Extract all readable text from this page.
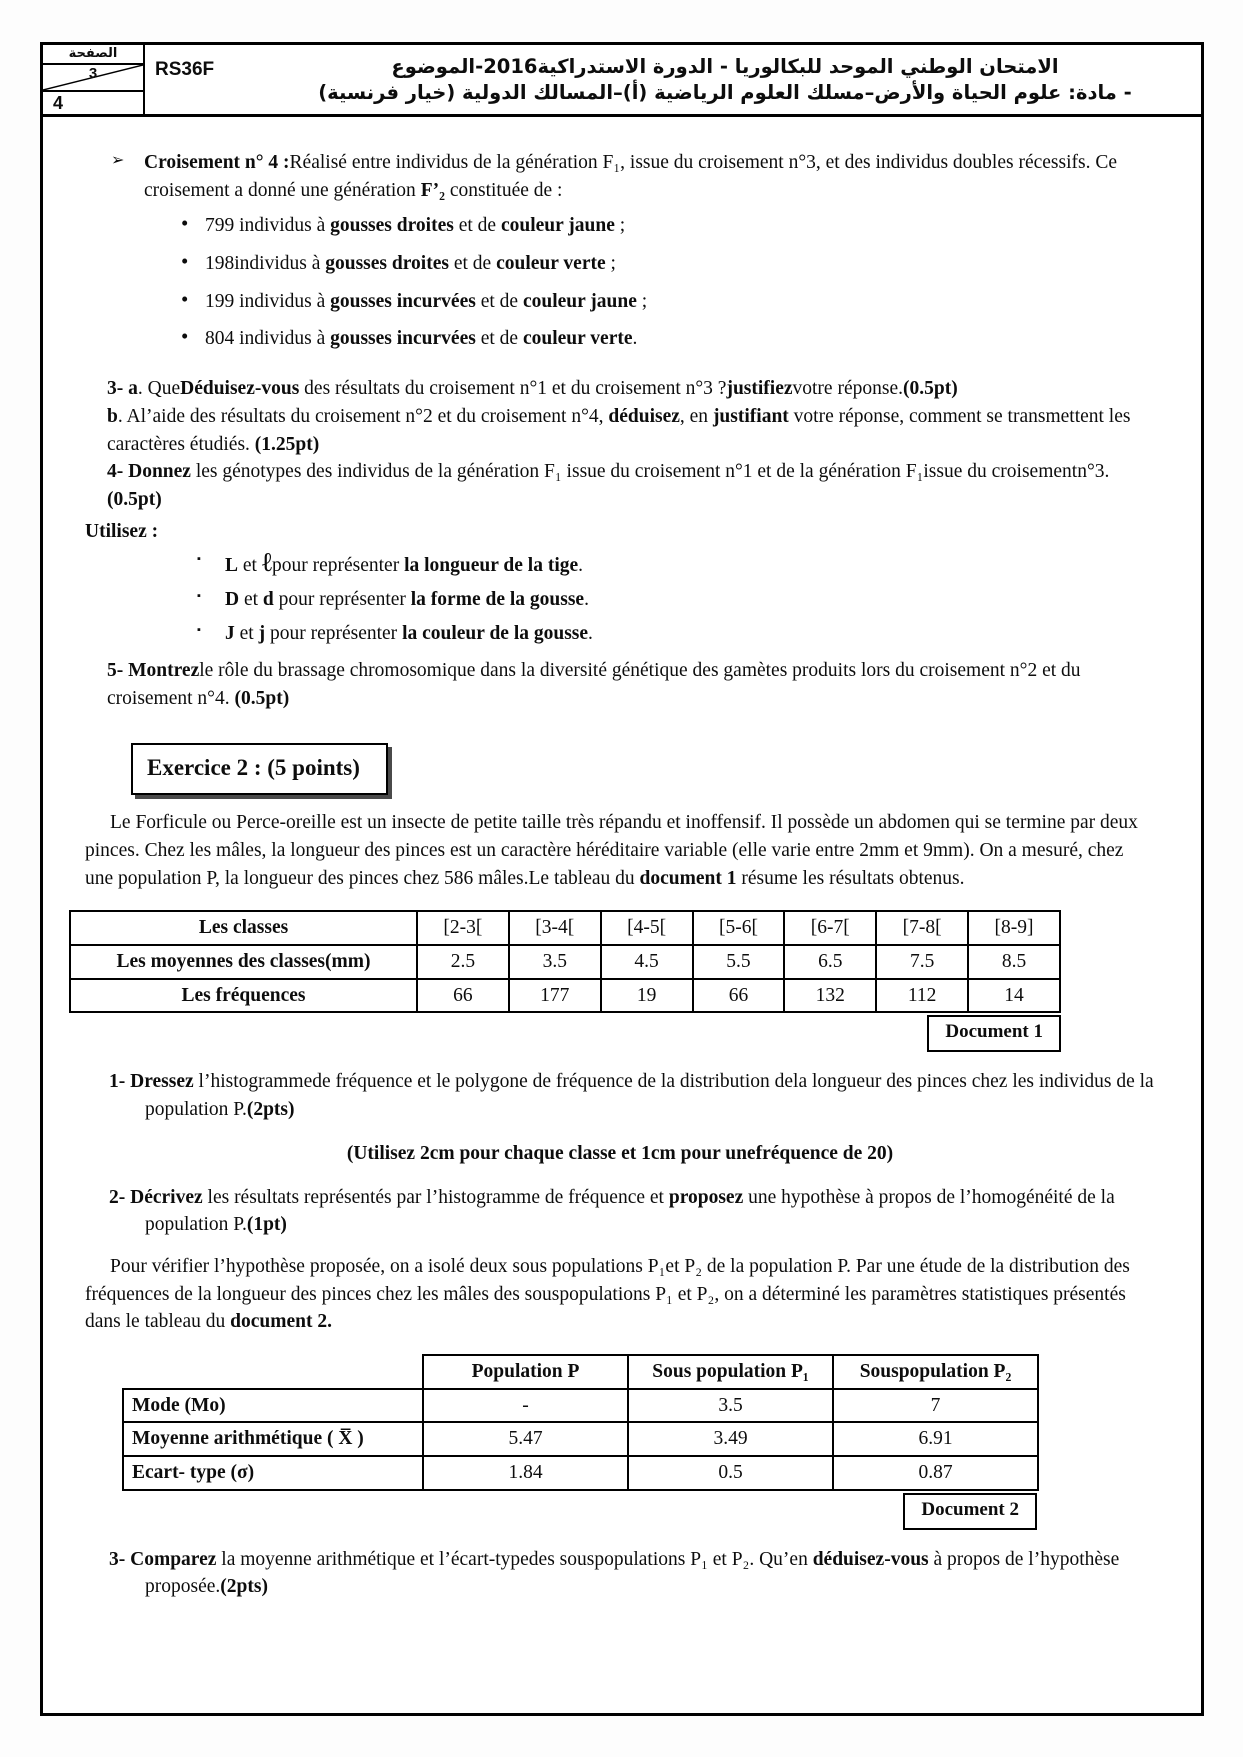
الصفحة
3
4
RS36F	الامتحان الوطني الموحد للبكالوريا - الدورة الاستدراكية2016-الموضوع
- مادة: علوم الحياة والأرض–مسلك العلوم الرياضية (أ)–المسالك الدولية (خيار فرنسية)
➢ Croisement n° 4 :Réalisé entre individus de la génération F₁, issue du croisement n°3, et des individus doubles récessifs. Ce croisement a donné une génération F’₂ constituée de :
• 799 individus à gousses droites et de couleur jaune ;
• 198individus à gousses droites et de couleur verte ;
• 199 individus à gousses incurvées et de couleur jaune ;
• 804 individus à gousses incurvées et de couleur verte.

3- a. QueDéduisez-vous des résultats du croisement n°1 et du croisement n°3 ?justifiezvotre réponse.(0.5pt)

b. Al’aide des résultats du croisement n°2 et du croisement n°4, déduisez, en justifiant votre réponse, comment se transmettent les caractères étudiés. (1.25pt)

4- Donnez les génotypes des individus de la génération F₁ issue du croisement n°1 et de la génération F₁issue du croisementn°3.(0.5pt)

Utilisez :

▪ L et ℓpour représenter la longueur de la tige.
▪ D et d pour représenter la forme de la gousse.
▪ J et j pour représenter la couleur de la gousse.

5- Montrezle rôle du brassage chromosomique dans la diversité génétique des gamètes produits lors du croisement n°2 et du croisement n°4. (0.5pt)

Exercice 2 : (5 points)

Le Forficule ou Perce-oreille est un insecte de petite taille très répandu et inoffensif. Il possède un abdomen qui se termine par deux pinces. Chez les mâles, la longueur des pinces est un caractère héréditaire variable (elle varie entre 2mm et 9mm). On a mesuré, chez une population P, la longueur des pinces chez 586 mâles.Le tableau du document 1 résume les résultats obtenus.

Les classes	[2-3[	[3-4[	[4-5[	[5-6[	[6-7[	[7-8[	[8-9]
Les moyennes des classes(mm)	2.5	3.5	4.5	5.5	6.5	7.5	8.5
Les fréquences	66	177	19	66	132	112	14
Document 1

1- Dressez l’histogrammede fréquence et le polygone de fréquence de la distribution dela longueur des pinces chez les individus de la population P.(2pts)

(Utilisez 2cm pour chaque classe et 1cm pour unefréquence de 20)

2- Décrivez les résultats représentés par l’histogramme de fréquence et proposez une hypothèse à propos de l’homogénéité de la population P.(1pt)

Pour vérifier l’hypothèse proposée, on a isolé deux sous populations P₁et P₂ de la population P. Par une étude de la distribution des fréquences de la longueur des pinces chez les mâles des souspopulations P₁ et P₂, on a déterminé les paramètres statistiques présentés dans le tableau du document 2.

	Population P	Sous population P₁	Souspopulation P₂
Mode (Mo)	-	3.5	7
Moyenne arithmétique ( X̅ )	5.47	3.49	6.91
Ecart- type (σ)	1.84	0.5	0.87
Document 2

3- Comparez la moyenne arithmétique et l’écart-typedes souspopulations P₁ et P₂. Qu’en déduisez-vous à propos de l’hypothèse proposée.(2pts)
